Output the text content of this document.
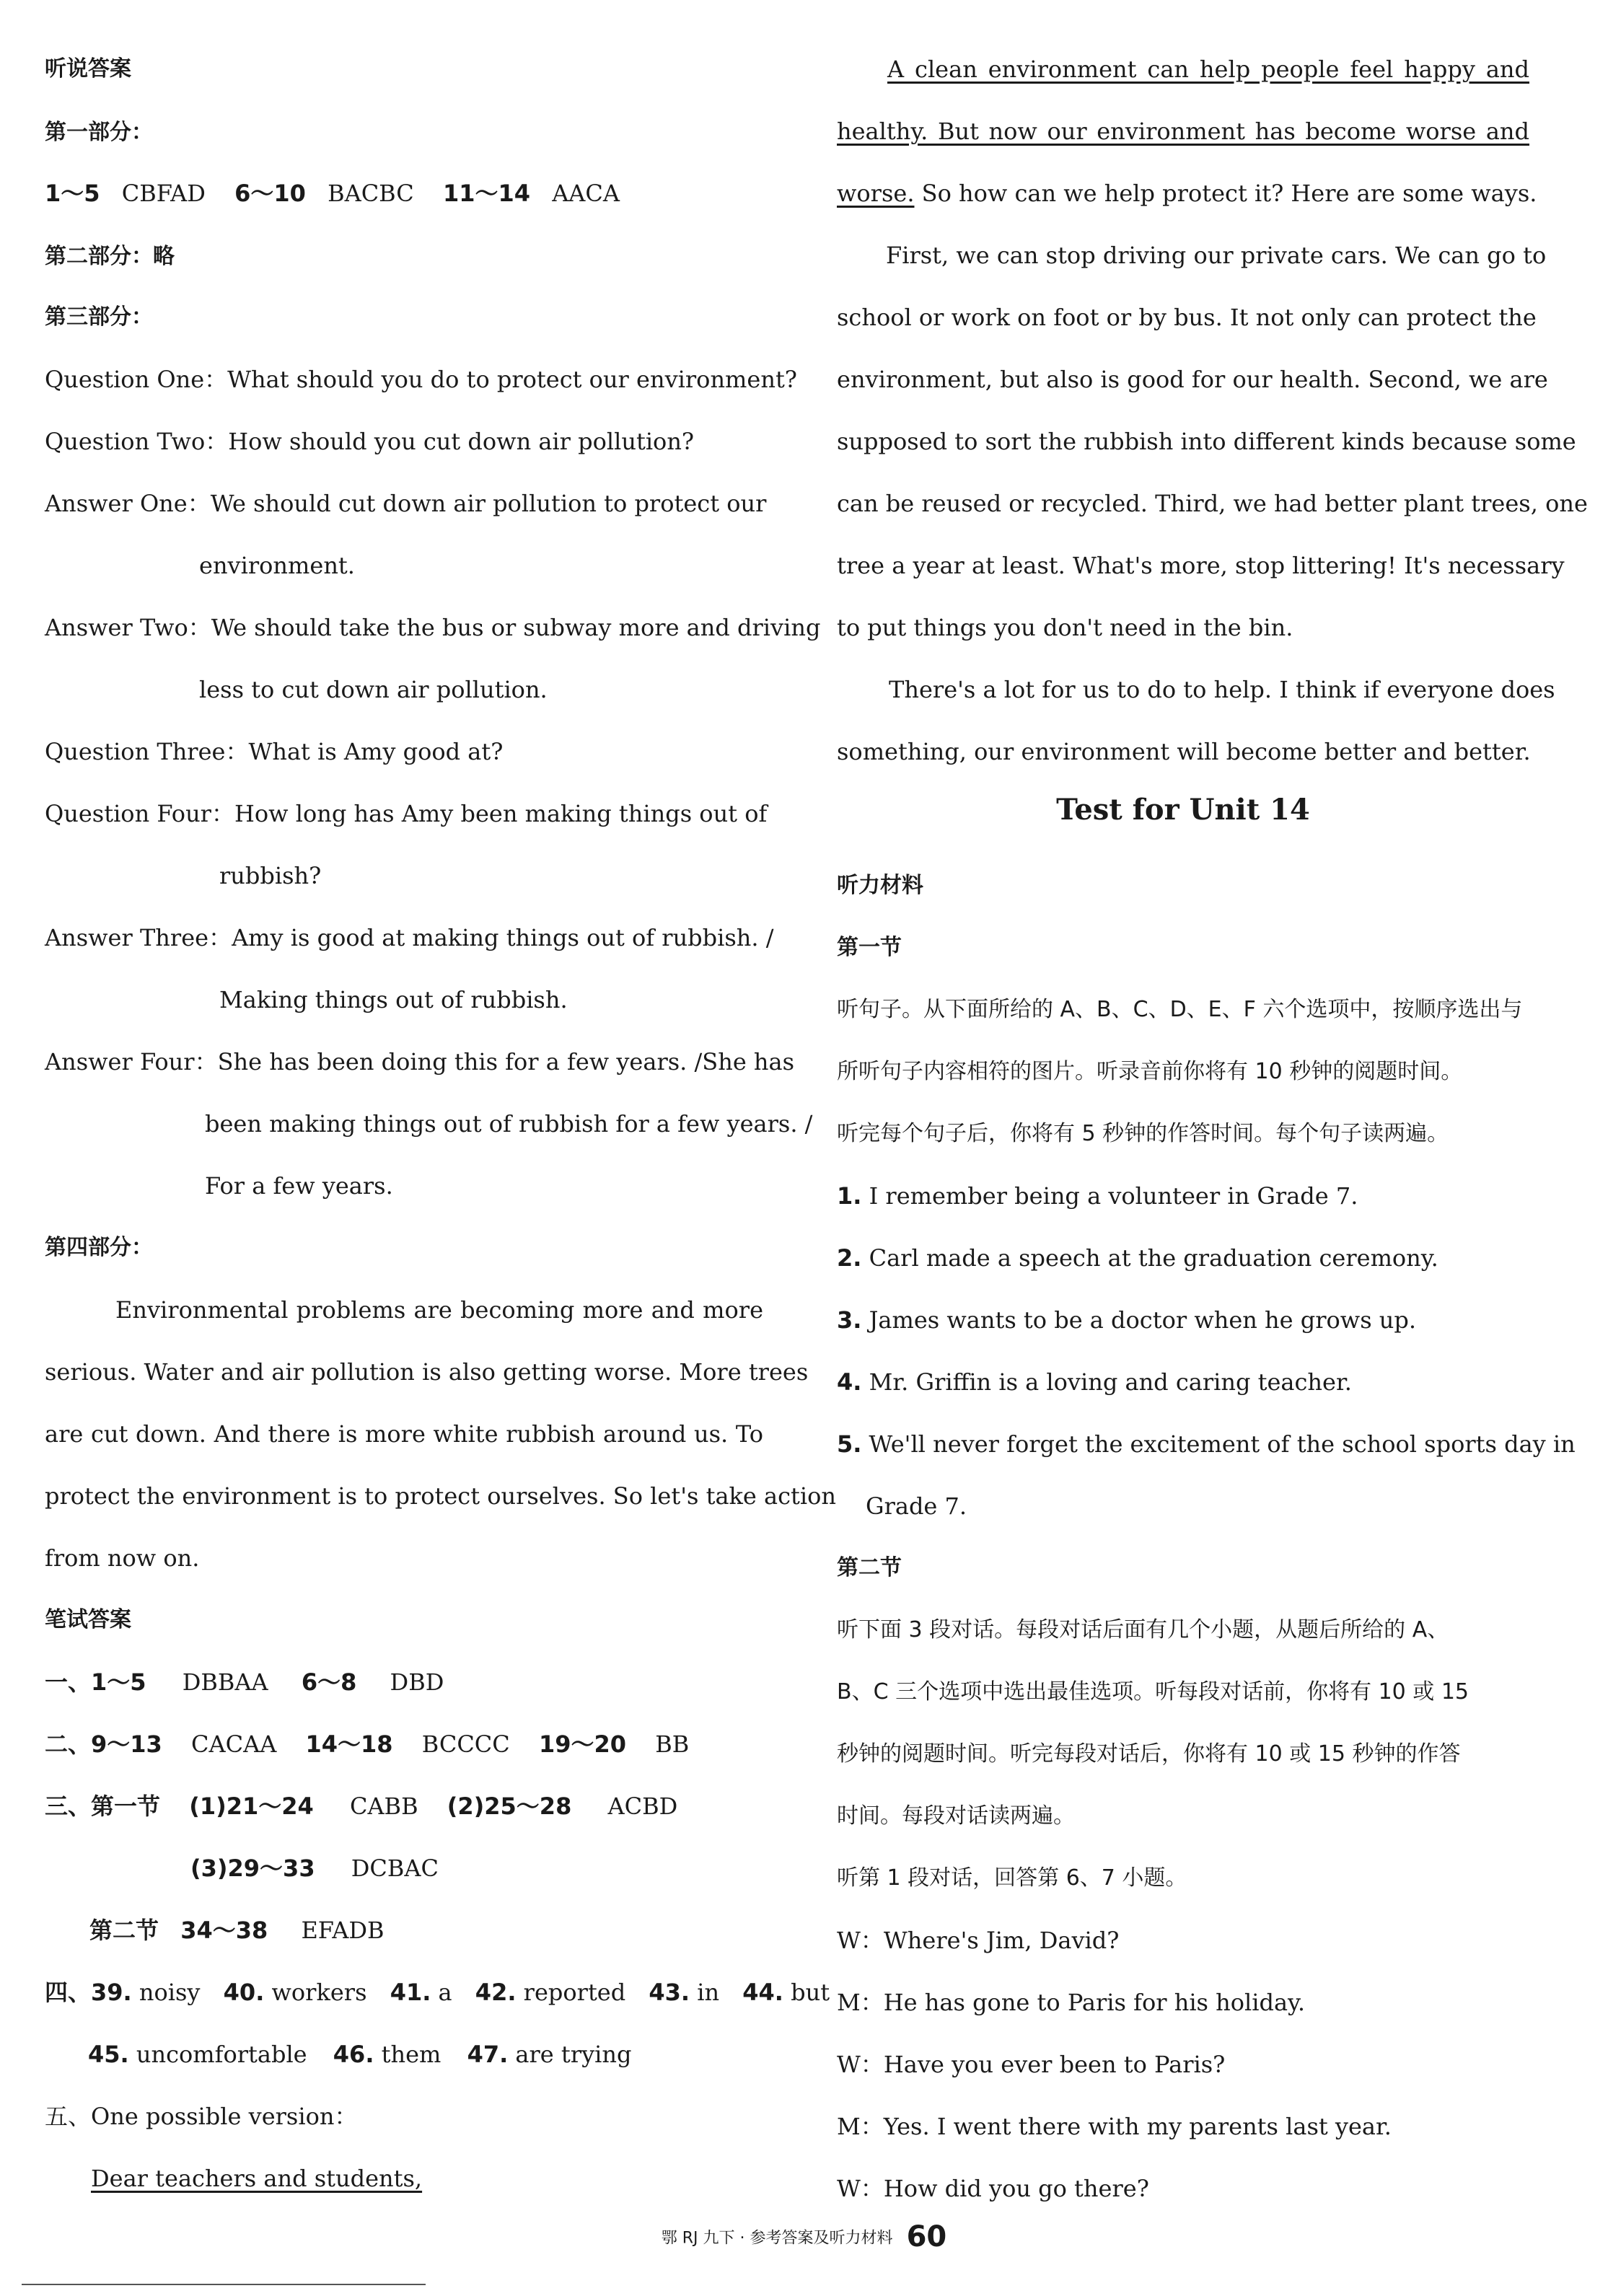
听说答案
第一部分：
1～5 CBFAD 6～10 BACBC 11～14 AACA
第二部分：略
第三部分：
Question One：What should you do to protect our environment?
Question Two：How should you cut down air pollution?
Answer One：We should cut down air pollution to protect our
environment.
Answer Two：We should take the bus or subway more and driving
less to cut down air pollution.
Question Three：What is Amy good at?
Question Four：How long has Amy been making things out of
rubbish?
Answer Three：Amy is good at making things out of rubbish. /
Making things out of rubbish.
Answer Four：She has been doing this for a few years. /She has
been making things out of rubbish for a few years. /
For a few years.
第四部分：
Environmental problems are becoming more and more
serious. Water and air pollution is also getting worse. More trees
are cut down. And there is more white rubbish around us. To
protect the environment is to protect ourselves. So let's take action
from now on.
笔试答案
一、1～5 DBBAA 6～8 DBD
二、9～13 CACAA 14～18 BCCCC 19～20 BB
三、第一节 (1)21～24 CABB (2)25～28 ACBD
(3)29～33 DCBAC
第二节 34～38 EFADB
四、39. noisy 40. workers 41. a 42. reported 43. in 44. but
45. uncomfortable 46. them 47. are trying
五、One possible version：
Dear teachers and students,
A clean environment can help people feel happy and
healthy. But now our environment has become worse and
worse. So how can we help protect it? Here are some ways.
First, we can stop driving our private cars. We can go to
school or work on foot or by bus. It not only can protect the
environment, but also is good for our health. Second, we are
supposed to sort the rubbish into different kinds because some
can be reused or recycled. Third, we had better plant trees, one
tree a year at least. What's more, stop littering! It's necessary
to put things you don't need in the bin.
There's a lot for us to do to help. I think if everyone does
something, our environment will become better and better.
Test for Unit 14
听力材料
第一节
听句子。从下面所给的 A、B、C、D、E、F 六个选项中，按顺序选出与
所听句子内容相符的图片。听录音前你将有 10 秒钟的阅题时间。
听完每个句子后，你将有 5 秒钟的作答时间。每个句子读两遍。
1. I remember being a volunteer in Grade 7.
2. Carl made a speech at the graduation ceremony.
3. James wants to be a doctor when he grows up.
4. Mr. Griffin is a loving and caring teacher.
5. We'll never forget the excitement of the school sports day in
Grade 7.
第二节
听下面 3 段对话。每段对话后面有几个小题，从题后所给的 A、
B、C 三个选项中选出最佳选项。听每段对话前，你将有 10 或 15
秒钟的阅题时间。听完每段对话后，你将有 10 或 15 秒钟的作答
时间。每段对话读两遍。
听第 1 段对话，回答第 6、7 小题。
W：Where's Jim, David?
M：He has gone to Paris for his holiday.
W：Have you ever been to Paris?
M：Yes. I went there with my parents last year.
W：How did you go there?
鄂 RJ 九下 · 参考答案及听力材料 60
